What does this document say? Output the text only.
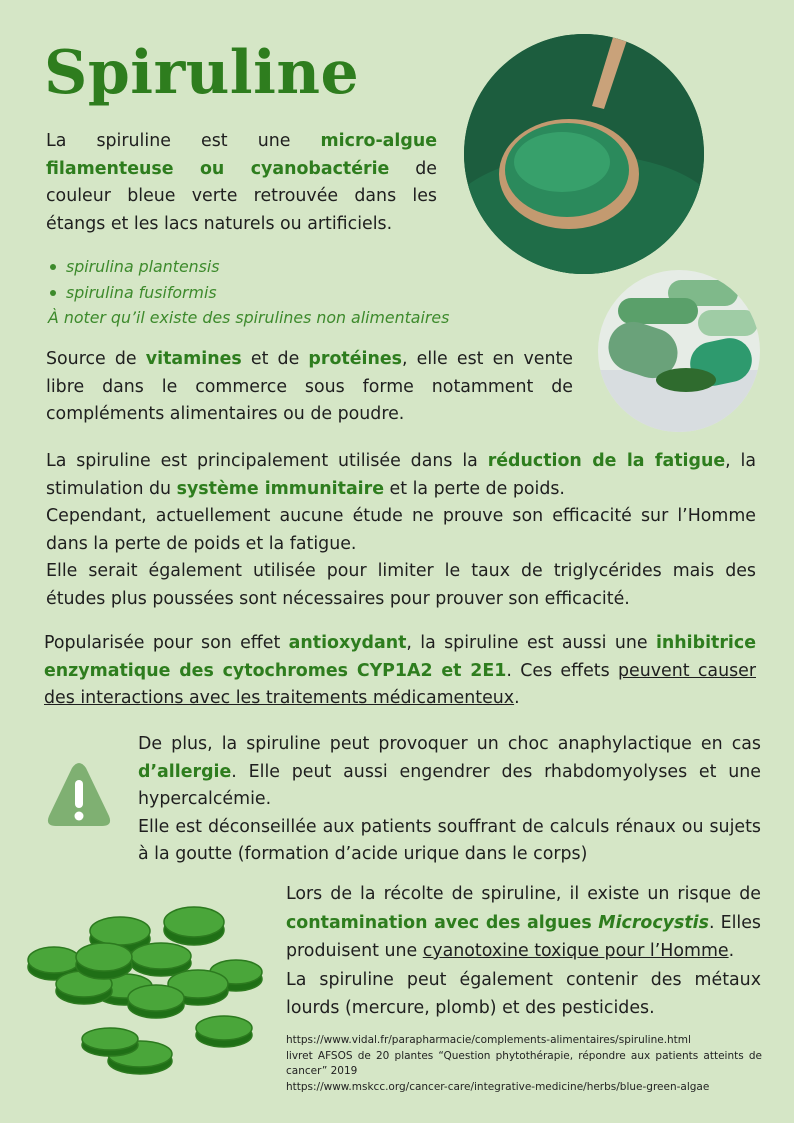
Spiruline

La spiruline est une micro-algue filamenteuse ou cyanobactérie de couleur bleue verte retrouvée dans les étangs et les lacs naturels ou artificiels.

spirulina plantensis
spirulina fusiformis
À noter qu’il existe des spirulines non alimentaires

Source de vitamines et de protéines, elle est en vente libre dans le commerce sous forme notamment de compléments alimentaires ou de poudre.

La spiruline est principalement utilisée dans la réduction de la fatigue, la stimulation du système immunitaire et la perte de poids.

Cependant, actuellement aucune étude ne prouve son efficacité sur l’Homme dans la perte de poids et la fatigue.

Elle serait également utilisée pour limiter le taux de triglycérides mais des études plus poussées sont nécessaires pour prouver son efficacité.

Popularisée pour son effet antioxydant, la spiruline est aussi une inhibitrice enzymatique des cytochromes CYP1A2 et 2E1. Ces effets peuvent causer des interactions avec les traitements médicamenteux.

De plus, la spiruline peut provoquer un choc anaphylactique en cas d’allergie. Elle peut aussi engendrer des rhabdomyolyses et une hypercalcémie.

Elle est déconseillée aux patients souffrant de calculs rénaux ou sujets à la goutte (formation d’acide urique dans le corps)

Lors de la récolte de spiruline, il existe un risque de contamination avec des algues Microcystis. Elles produisent une cyanotoxine toxique pour l’Homme.

La spiruline peut également contenir des métaux lourds (mercure, plomb) et des pesticides.

https://www.vidal.fr/parapharmacie/complements-alimentaires/spiruline.html
livret AFSOS de 20 plantes “Question phytothérapie, répondre aux patients atteints de cancer” 2019
https://www.mskcc.org/cancer-care/integrative-medicine/herbs/blue-green-algae
